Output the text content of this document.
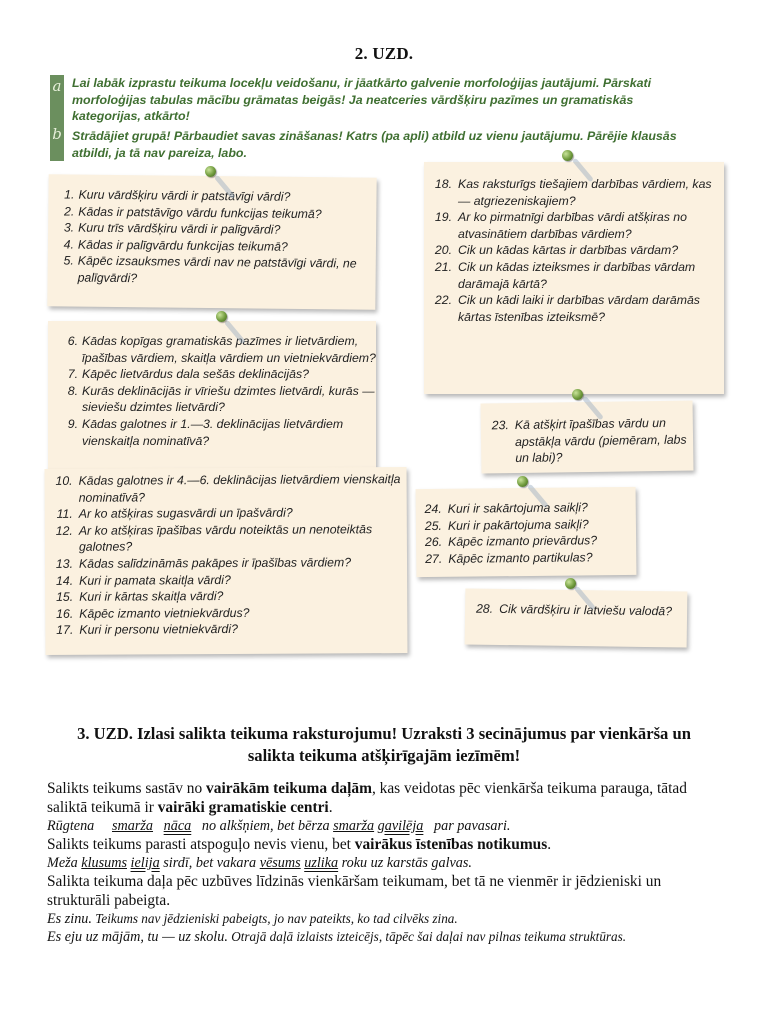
2. UZD.
a
b
Lai labāk izprastu teikuma locekļu veidošanu, ir jāatkārto galvenie morfoloģijas jautājumi. Pārskati morfoloģijas tabulas mācību grāmatas beigās! Ja neatceries vārdšķiru pazīmes un gramatiskās kategorijas, atkārto!
Strādājiet grupā! Pārbaudiet savas zināšanas! Katrs (pa apli) atbild uz vienu jautājumu. Pārējie klausās atbildi, ja tā nav pareiza, labo.
1. Kuru vārdšķiru vārdi ir patstāvīgi vārdi?
2. Kādas ir patstāvīgo vārdu funkcijas teikumā?
3. Kuru trīs vārdšķiru vārdi ir palīgvārdi?
4. Kādas ir palīgvārdu funkcijas teikumā?
5. Kāpēc izsauksmes vārdi nav ne patstāvīgi vārdi, ne palīgvārdi?
6. Kādas kopīgas gramatiskās pazīmes ir lietvārdiem, īpašības vārdiem, skaitļa vārdiem un vietniekvārdiem?
7. Kāpēc lietvārdus dala sešās deklinācijās?
8. Kurās deklinācijās ir vīriešu dzimtes lietvārdi, kurās — sieviešu dzimtes lietvārdi?
9. Kādas galotnes ir 1.—3. deklinācijas lietvārdiem vienskaitļa nominatīvā?
10. Kādas galotnes ir 4.—6. deklinācijas lietvārdiem vienskaitļa nominatīvā?
11. Ar ko atšķiras sugasvārdi un īpašvārdi?
12. Ar ko atšķiras īpašības vārdu noteiktās un nenoteiktās galotnes?
13. Kādas salīdzināmās pakāpes ir īpašības vārdiem?
14. Kuri ir pamata skaitļa vārdi?
15. Kuri ir kārtas skaitļa vārdi?
16. Kāpēc izmanto vietniekvārdus?
17. Kuri ir personu vietniekvārdi?
18. Kas raksturīgs tiešajiem darbības vārdiem, kas — atgriezeniskajiem?
19. Ar ko pirmatnīgi darbības vārdi atšķiras no atvasinātiem darbības vārdiem?
20. Cik un kādas kārtas ir darbības vārdam?
21. Cik un kādas izteiksmes ir darbības vārdam darāmajā kārtā?
22. Cik un kādi laiki ir darbības vārdam darāmās kārtas īstenības izteiksmē?
23. Kā atšķirt īpašības vārdu un apstākļa vārdu (piemēram, labs un labi)?
24. Kuri ir sakārtojuma saikļi?
25. Kuri ir pakārtojuma saikļi?
26. Kāpēc izmanto prievārdus?
27. Kāpēc izmanto partikulas?
28. Cik vārdšķiru ir latviešu valodā?
3. UZD. Izlasi salikta teikuma raksturojumu! Uzraksti 3 secinājumus par vienkārša un salikta teikuma atšķirīgajām iezīmēm!

Salikts teikums sastāv no vairākām teikuma daļām, kas veidotas pēc vienkārša teikuma parauga, tātad saliktā teikumā ir vairāki gramatiskie centri.

Rūgtena smarža nāca no alkšņiem, bet bērza smarža gavilēja par pavasari.

Salikts teikums parasti atspoguļo nevis vienu, bet vairākus īstenības notikumus.

Meža klusums ielija sirdī, bet vakara vēsums uzlika roku uz karstās galvas.

Salikta teikuma daļa pēc uzbūves līdzinās vienkāršam teikumam, bet tā ne vienmēr ir jēdzieniski un strukturāli pabeigta.

Es zinu. Teikums nav jēdzieniski pabeigts, jo nav pateikts, ko tad cilvēks zina.

Es eju uz mājām, tu — uz skolu. Otrajā daļā izlaists izteicējs, tāpēc šai daļai nav pilnas teikuma struktūras.
